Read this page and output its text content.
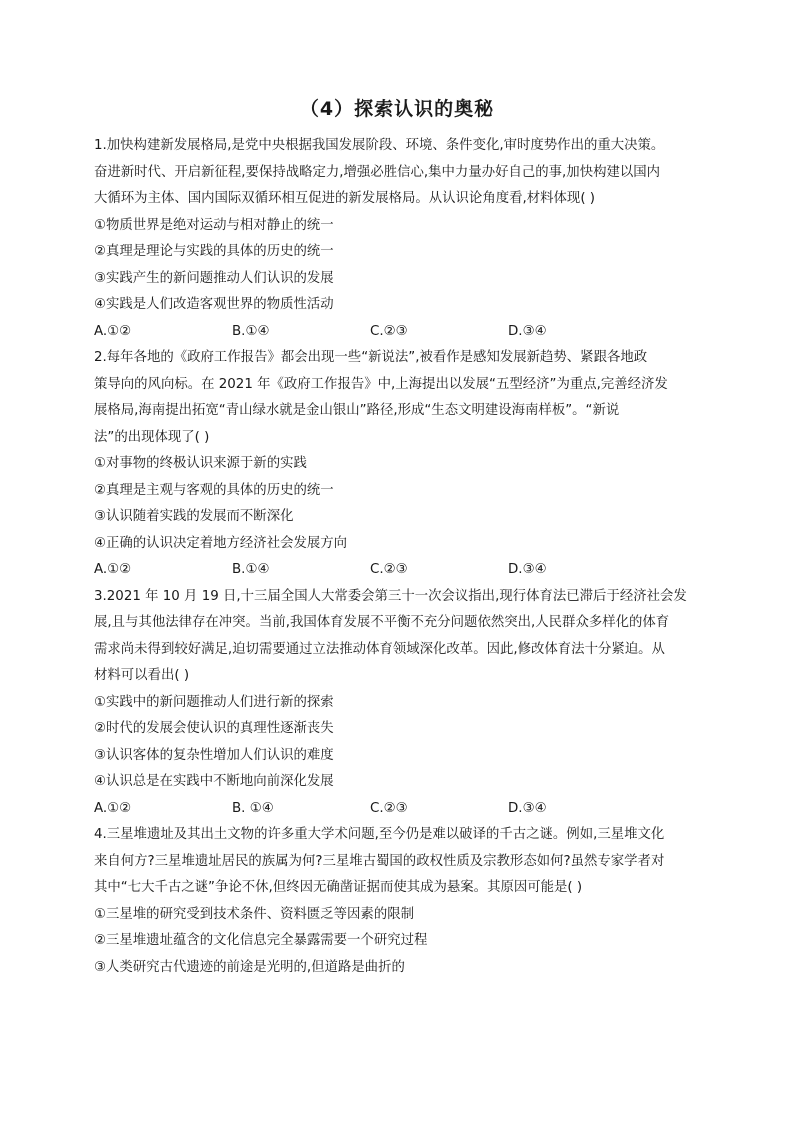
（4）探索认识的奥秘
1.加快构建新发展格局,是党中央根据我国发展阶段、环境、条件变化,审时度势作出的重大决策。
奋进新时代、开启新征程,要保持战略定力,增强必胜信心,集中力量办好自己的事,加快构建以国内
大循环为主体、国内国际双循环相互促进的新发展格局。从认识论角度看,材料体现( )
①物质世界是绝对运动与相对静止的统一
②真理是理论与实践的具体的历史的统一
③实践产生的新问题推动人们认识的发展
④实践是人们改造客观世界的物质性活动
A.①②	B.①④	C.②③	D.③④
2.每年各地的《政府工作报告》都会出现一些“新说法”,被看作是感知发展新趋势、紧跟各地政
策导向的风向标。在 2021 年《政府工作报告》中,上海提出以发展“五型经济”为重点,完善经济发
展格局,海南提出拓宽“青山绿水就是金山银山”路径,形成“生态文明建设海南样板”。“新说
法”的出现体现了( )
①对事物的终极认识来源于新的实践
②真理是主观与客观的具体的历史的统一
③认识随着实践的发展而不断深化
④正确的认识决定着地方经济社会发展方向
A.①②	B.①④	C.②③	D.③④
3.2021 年 10 月 19 日,十三届全国人大常委会第三十一次会议指出,现行体育法已滞后于经济社会发
展,且与其他法律存在冲突。当前,我国体育发展不平衡不充分问题依然突出,人民群众多样化的体育
需求尚未得到较好满足,迫切需要通过立法推动体育领域深化改革。因此,修改体育法十分紧迫。从
材料可以看出( )
①实践中的新问题推动人们进行新的探索
②时代的发展会使认识的真理性逐渐丧失
③认识客体的复杂性增加人们认识的难度
④认识总是在实践中不断地向前深化发展
A.①②	B. ①④	C.②③	D.③④
4.三星堆遗址及其出土文物的许多重大学术问题,至今仍是难以破译的千古之谜。例如,三星堆文化
来自何方?三星堆遗址居民的族属为何?三星堆古蜀国的政权性质及宗教形态如何?虽然专家学者对
其中“七大千古之谜”争论不休,但终因无确凿证据而使其成为悬案。其原因可能是( )
①三星堆的研究受到技术条件、资料匮乏等因素的限制
②三星堆遗址蕴含的文化信息完全暴露需要一个研究过程
③人类研究古代遗迹的前途是光明的,但道路是曲折的
